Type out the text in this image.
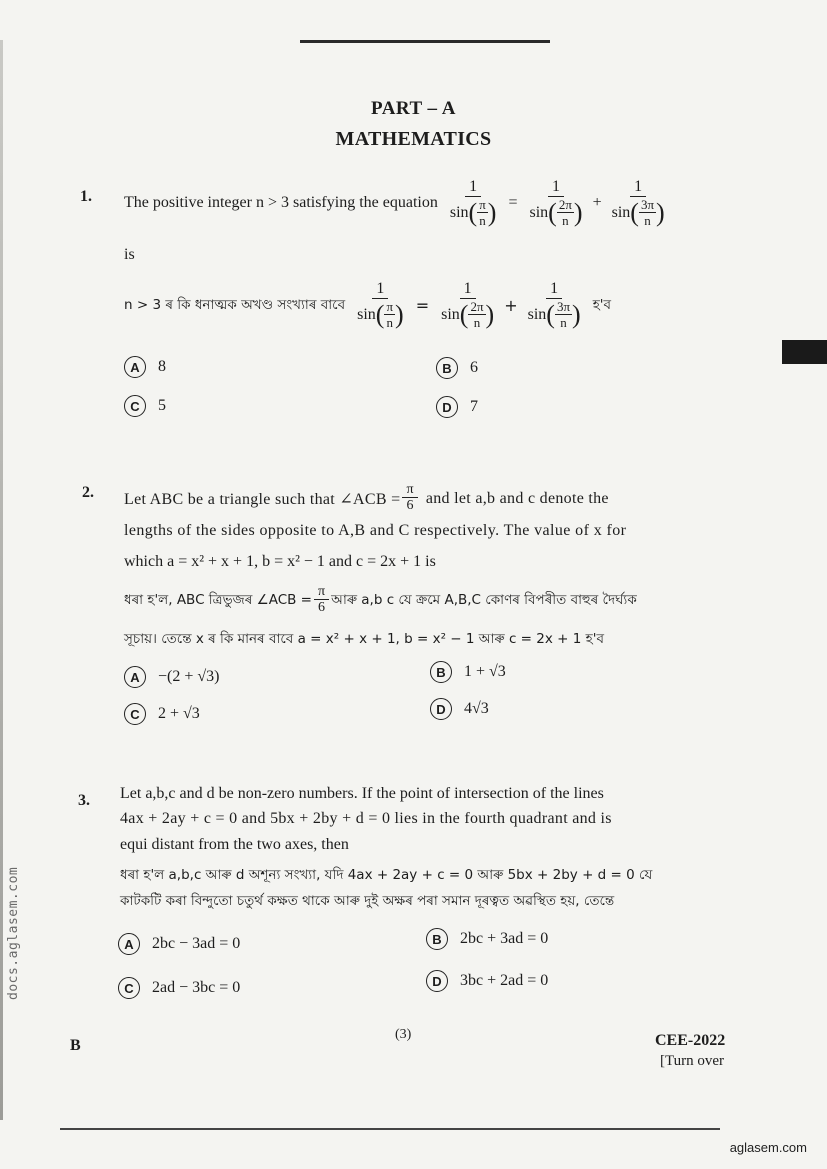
PART – A
MATHEMATICS
1. The positive integer n > 3 satisfying the equation 1
sin ( π
n ) = 1
sin ( 2π
n ) + 1
sin ( 3π
n )
is
n > 3 ৰ কি ধনাত্মক অখণ্ড সংখ্যাৰ বাবে 1
sin ( π
n ) = 1
sin ( 2π
n ) + 1
sin ( 3π
n ) হ'ব
A	8	B	6
C	5	D	7
2. Let ABC be a triangle such that ∠ACB = $\frac{\pi}{6}$ and let a,b and c denote the
lengths of the sides opposite to A,B and C respectively. The value of x for
which a = x² + x + 1, b = x² − 1 and c = 2x + 1 is
ধৰা হ'ল, ABC ত্ৰিভুজৰ ∠ACB = $\frac{\pi}{6}$ আৰু a,b c যে ক্ৰমে A,B,C কোণৰ বিপৰীত বাহুৰ দৈৰ্ঘ্যক
সূচায়। তেন্তে x ৰ কি মানৰ বাবে a = x² + x + 1, b = x² − 1 আৰু c = 2x + 1 হ'ব
A	−(2 + √3)	B	1 + √3
C	2 + √3	D	4√3
3. Let a,b,c and d be non-zero numbers. If the point of intersection of the lines
4ax + 2ay + c = 0 and 5bx + 2by + d = 0 lies in the fourth quadrant and is
equi distant from the two axes, then
ধৰা হ'ল a,b,c আৰু d অশূন্য সংখ্যা, যদি 4ax + 2ay + c = 0 আৰু 5bx + 2by + d = 0 যে
কাটকটি কৰা বিন্দুতো চতুৰ্থ কক্ষত থাকে আৰু দুই অক্ষৰ পৰা সমান দূৰত্বত অৱস্থিত হয়, তেন্তে
A	2bc − 3ad = 0	B	2bc + 3ad = 0
C	2ad − 3bc = 0	D	3bc + 2ad = 0
B
(3)	CEE-2022
[Turn over
docs.aglasem.com
aglasem.com
